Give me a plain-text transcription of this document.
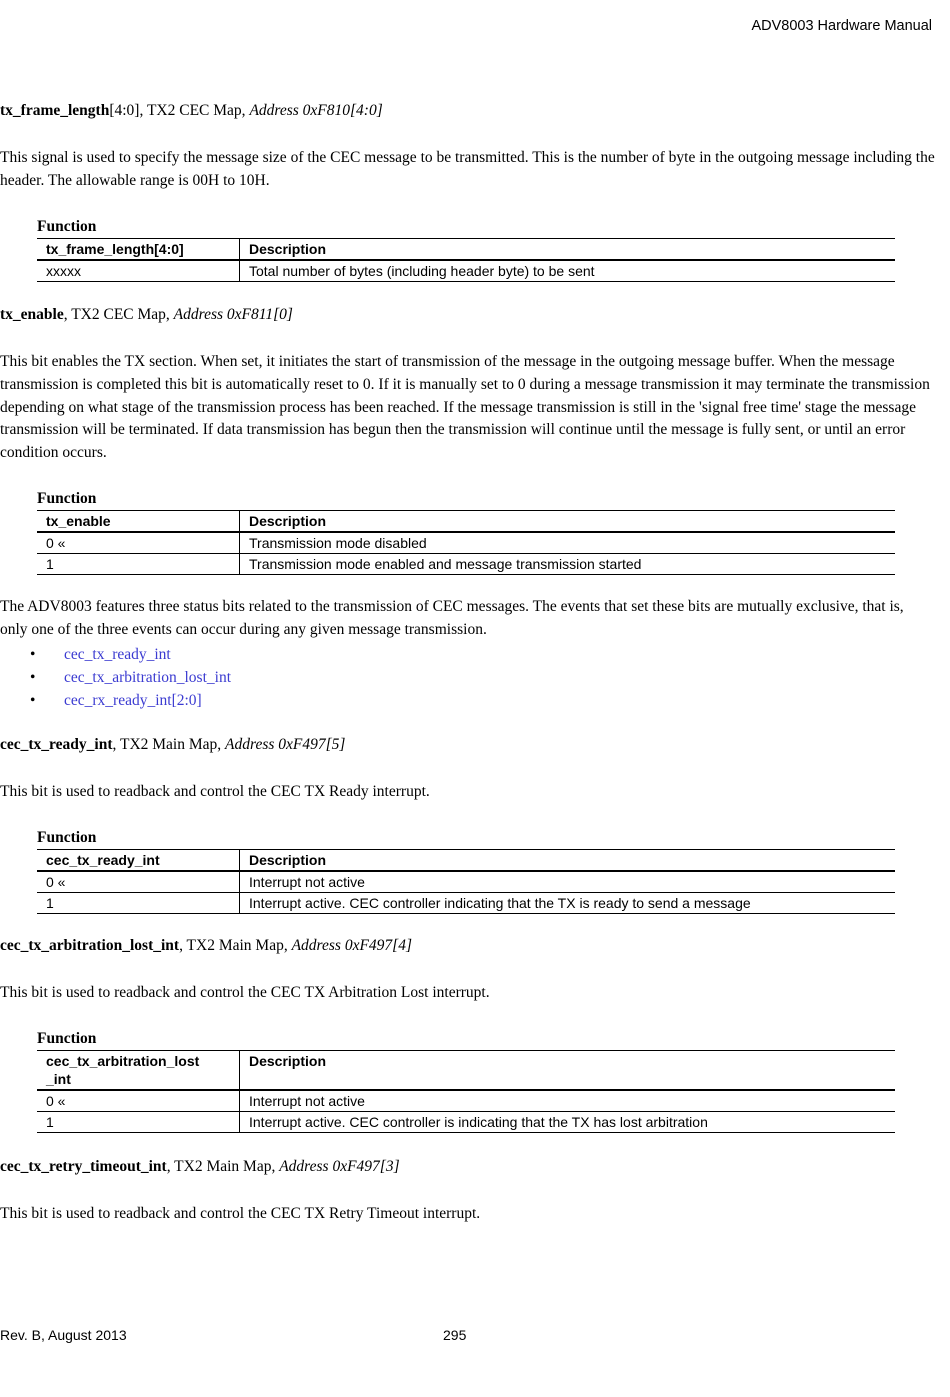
ADV8003 Hardware Manual
tx_frame_length[4:0], TX2 CEC Map, Address 0xF810[4:0]
This signal is used to specify the message size of the CEC message to be transmitted. This is the number of byte in the outgoing message including the header. The allowable range is 00H to 10H.
Function
tx_frame_length[4:0]	Description
xxxxx	Total number of bytes (including header byte) to be sent
tx_enable, TX2 CEC Map, Address 0xF811[0]
This bit enables the TX section. When set, it initiates the start of transmission of the message in the outgoing message buffer. When the message transmission is completed this bit is automatically reset to 0. If it is manually set to 0 during a message transmission it may terminate the transmission depending on what stage of the transmission process has been reached. If the message transmission is still in the 'signal free time' stage the message transmission will be terminated. If data transmission has begun then the transmission will continue until the message is fully sent, or until an error condition occurs.
Function
tx_enable	Description
0 «	Transmission mode disabled
1	Transmission mode enabled and message transmission started
The ADV8003 features three status bits related to the transmission of CEC messages. The events that set these bits are mutually exclusive, that is, only one of the three events can occur during any given message transmission.
• cec_tx_ready_int
• cec_tx_arbitration_lost_int
• cec_rx_ready_int[2:0]
cec_tx_ready_int, TX2 Main Map, Address 0xF497[5]
This bit is used to readback and control the CEC TX Ready interrupt.
Function
cec_tx_ready_int	Description
0 «	Interrupt not active
1	Interrupt active. CEC controller indicating that the TX is ready to send a message
cec_tx_arbitration_lost_int, TX2 Main Map, Address 0xF497[4]
This bit is used to readback and control the CEC TX Arbitration Lost interrupt.
Function
cec_tx_arbitration_lost
_int	Description
0 «	Interrupt not active
1	Interrupt active. CEC controller is indicating that the TX has lost arbitration
cec_tx_retry_timeout_int, TX2 Main Map, Address 0xF497[3]
This bit is used to readback and control the CEC TX Retry Timeout interrupt.
Rev. B, August 2013	295
